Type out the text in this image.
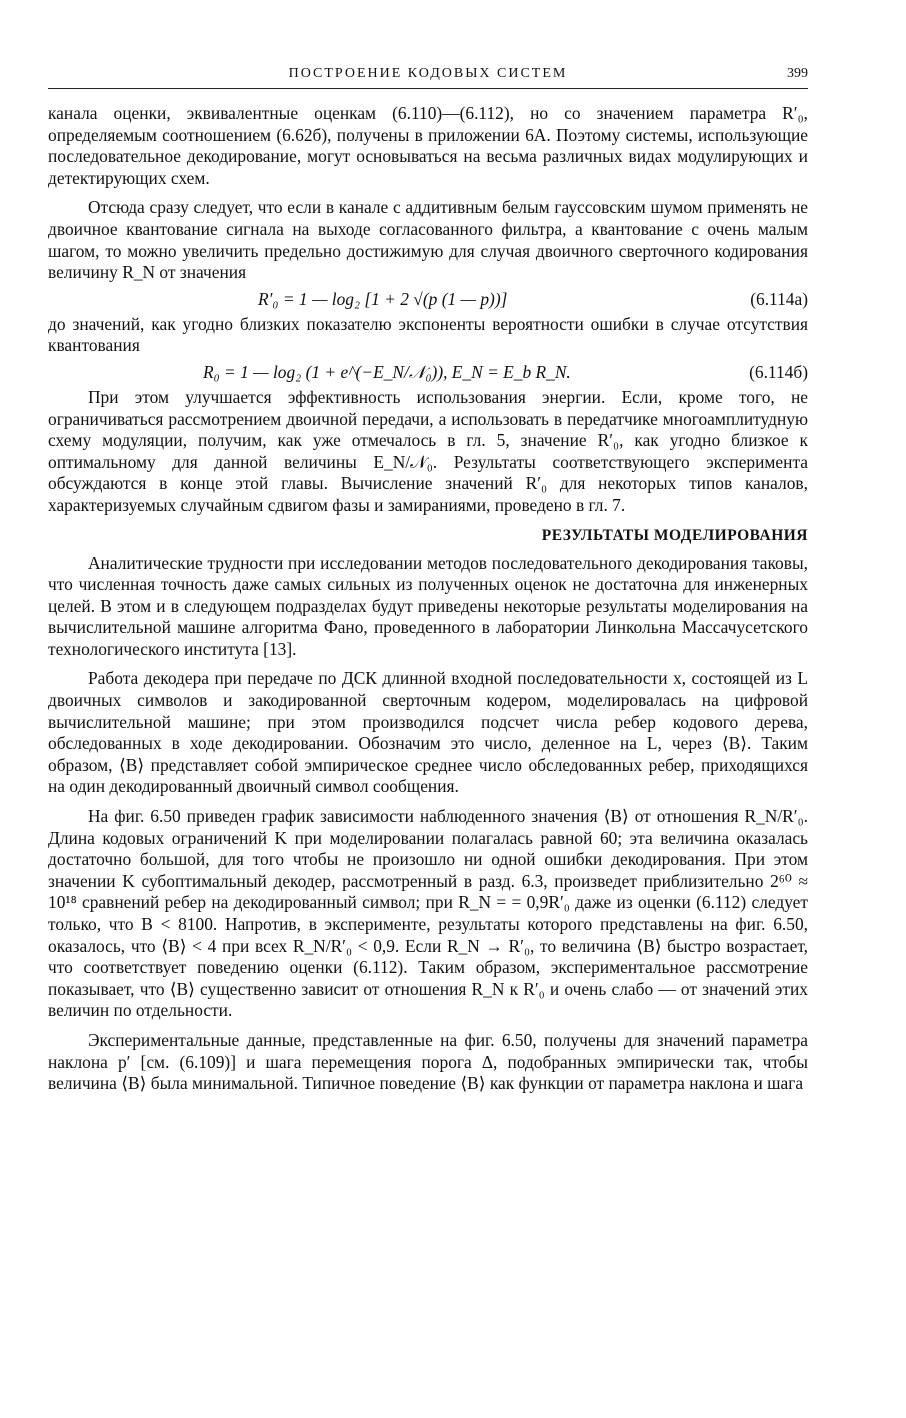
ПОСТРОЕНИЕ КОДОВЫХ СИСТЕМ	399

канала оценки, эквивалентные оценкам (6.110)—(6.112), но со значением параметра R′₀, определяемым соотношением (6.62б), получены в приложении 6A. Поэтому системы, использующие последовательное декодирование, могут основываться на весьма различных видах модулирующих и детектирующих схем.

Отсюда сразу следует, что если в канале с аддитивным белым гауссовским шумом применять не двоичное квантование сигнала на выходе согласованного фильтра, а квантование с очень малым шагом, то можно увеличить предельно достижимую для случая двоичного сверточного кодирования величину R_N от значения

R′₀ = 1 — log₂ [1 + 2 √(p (1 — p))]	(6.114а)

до значений, как угодно близких показателю экспоненты вероятности ошибки в случае отсутствия квантования

R₀ = 1 — log₂ (1 + e^(−E_N/𝒩₀)), E_N = E_b R_N.	(6.114б)

При этом улучшается эффективность использования энергии. Если, кроме того, не ограничиваться рассмотрением двоичной передачи, а использовать в передатчике многоамплитудную схему модуляции, получим, как уже отмечалось в гл. 5, значение R′₀, как угодно близкое к оптимальному для данной величины E_N/𝒩₀. Результаты соответствующего эксперимента обсуждаются в конце этой главы. Вычисление значений R′₀ для некоторых типов каналов, характеризуемых случайным сдвигом фазы и замираниями, проведено в гл. 7.

РЕЗУЛЬТАТЫ МОДЕЛИРОВАНИЯ

Аналитические трудности при исследовании методов последовательного декодирования таковы, что численная точность даже самых сильных из полученных оценок не достаточна для инженерных целей. В этом и в следующем подразделах будут приведены некоторые результаты моделирования на вычислительной машине алгоритма Фано, проведенного в лаборатории Линкольна Массачусетского технологического института [13].

Работа декодера при передаче по ДСК длинной входной последовательности x, состоящей из L двоичных символов и закодированной сверточным кодером, моделировалась на цифровой вычислительной машине; при этом производился подсчет числа ребер кодового дерева, обследованных в ходе декодировании. Обозначим это число, деленное на L, через ⟨B⟩. Таким образом, ⟨B⟩ представляет собой эмпирическое среднее число обследованных ребер, приходящихся на один декодированный двоичный символ сообщения.

На фиг. 6.50 приведен график зависимости наблюденного значения ⟨B⟩ от отношения R_N/R′₀. Длина кодовых ограничений K при моделировании полагалась равной 60; эта величина оказалась достаточно большой, для того чтобы не произошло ни одной ошибки декодирования. При этом значении K субоптимальный декодер, рассмотренный в разд. 6.3, произведет приблизительно 2⁶⁰ ≈ 10¹⁸ сравнений ребер на декодированный символ; при R_N = = 0,9R′₀ даже из оценки (6.112) следует только, что B < 8100. Напротив, в эксперименте, результаты которого представлены на фиг. 6.50, оказалось, что ⟨B⟩ < 4 при всех R_N/R′₀ < 0,9. Если R_N → R′₀, то величина ⟨B⟩ быстро возрастает, что соответствует поведению оценки (6.112). Таким образом, экспериментальное рассмотрение показывает, что ⟨B⟩ существенно зависит от отношения R_N к R′₀ и очень слабо — от значений этих величин по отдельности.

Экспериментальные данные, представленные на фиг. 6.50, получены для значений параметра наклона p′ [см. (6.109)] и шага перемещения порога Δ, подобранных эмпирически так, чтобы величина ⟨B⟩ была минимальной. Типичное поведение ⟨B⟩ как функции от параметра наклона и шага
